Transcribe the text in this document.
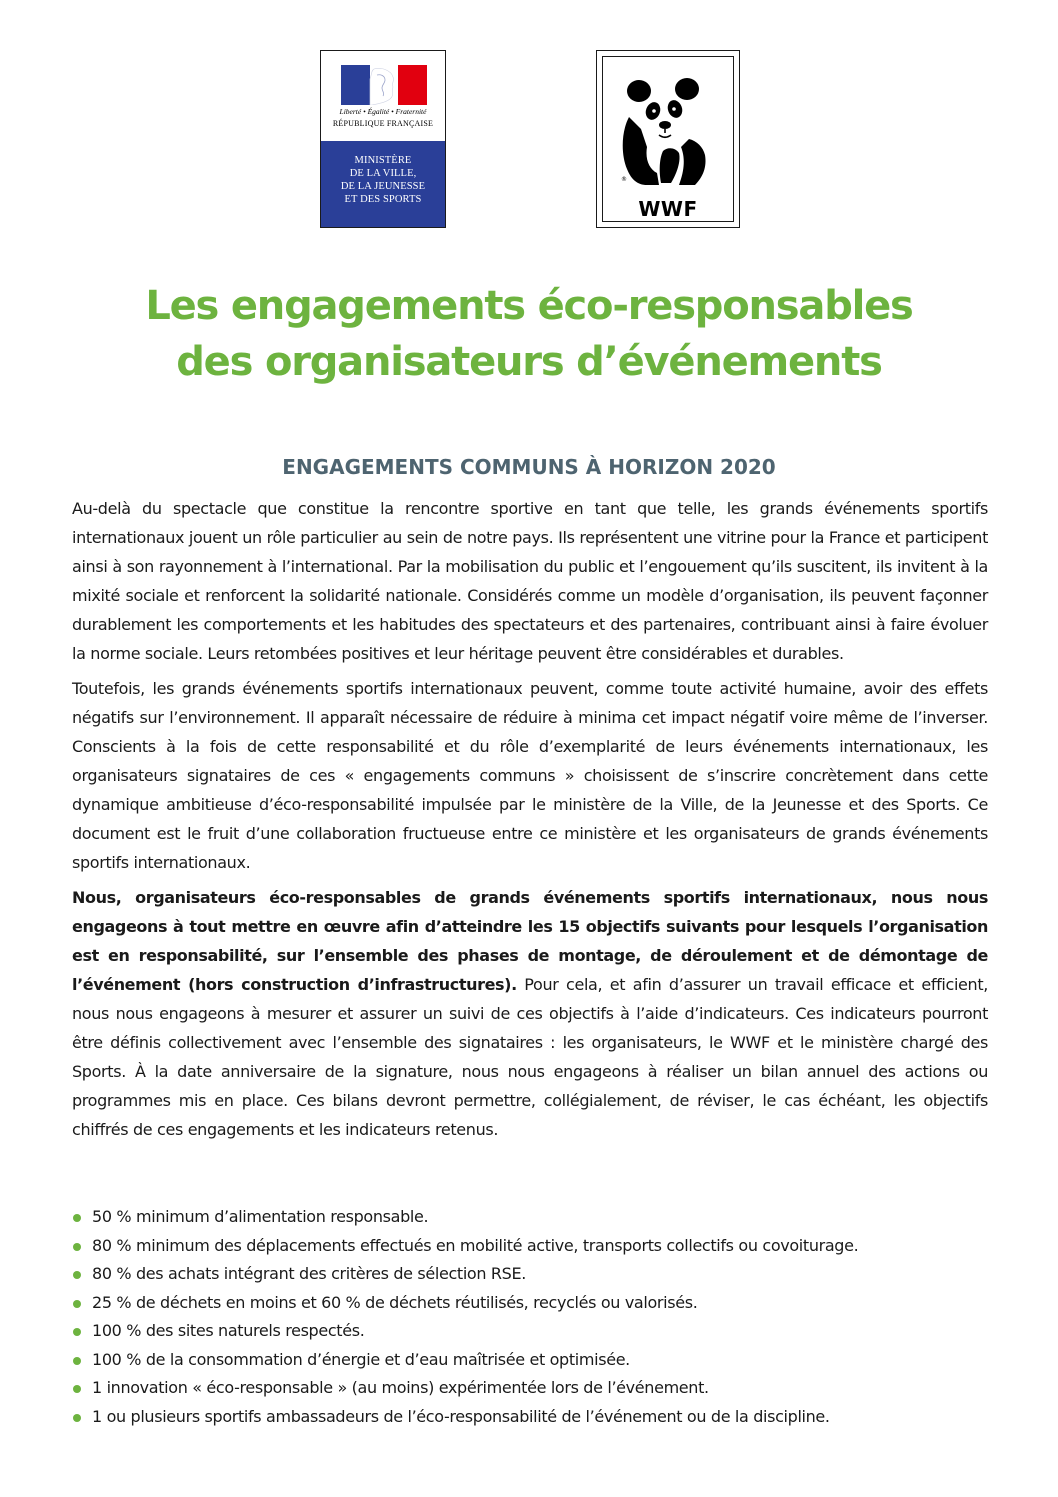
Liberté • Égalité • Fraternité
RÉPUBLIQUE FRANÇAISE
MINISTÈRE
DE LA VILLE,
DE LA JEUNESSE
ET DES SPORTS
®
WWF
Les engagements éco-responsables
des organisateurs d’événements
ENGAGEMENTS COMMUNS À HORIZON 2020

Au-delà du spectacle que constitue la rencontre sportive en tant que telle, les grands événements sportifs internationaux jouent un rôle particulier au sein de notre pays. Ils représentent une vitrine pour la France et participent ainsi à son rayonnement à l’international. Par la mobilisation du public et l’engouement qu’ils suscitent, ils invitent à la mixité sociale et renforcent la solidarité nationale. Considérés comme un modèle d’organisation, ils peuvent façonner durablement les comportements et les habitudes des spectateurs et des partenaires, contribuant ainsi à faire évoluer la norme sociale. Leurs retombées positives et leur héritage peuvent être considérables et durables.

Toutefois, les grands événements sportifs internationaux peuvent, comme toute activité humaine, avoir des effets négatifs sur l’environnement. Il apparaît nécessaire de réduire à minima cet impact négatif voire même de l’inverser. Conscients à la fois de cette responsabilité et du rôle d’exemplarité de leurs événements internationaux, les organisateurs signataires de ces « engagements communs » choisissent de s’inscrire concrètement dans cette dynamique ambitieuse d’éco-responsabilité impulsée par le ministère de la Ville, de la Jeunesse et des Sports. Ce document est le fruit d’une collaboration fructueuse entre ce ministère et les organisateurs de grands événements sportifs internationaux.

Nous, organisateurs éco-responsables de grands événements sportifs internationaux, nous nous engageons à tout mettre en œuvre afin d’atteindre les 15 objectifs suivants pour lesquels l’organisation est en responsabilité, sur l’ensemble des phases de montage, de déroulement et de démontage de l’événement (hors construction d’infrastructures). Pour cela, et afin d’assurer un travail efficace et efficient, nous nous engageons à mesurer et assurer un suivi de ces objectifs à l’aide d’indicateurs. Ces indicateurs pourront être définis collectivement avec l’ensemble des signataires : les organisateurs, le WWF et le ministère chargé des Sports. À la date anniversaire de la signature, nous nous engageons à réaliser un bilan annuel des actions ou programmes mis en place. Ces bilans devront permettre, collégialement, de réviser, le cas échéant, les objectifs chiffrés de ces engagements et les indicateurs retenus.

50 % minimum d’alimentation responsable.
80 % minimum des déplacements effectués en mobilité active, transports collectifs ou covoiturage.
80 % des achats intégrant des critères de sélection RSE.
25 % de déchets en moins et 60 % de déchets réutilisés, recyclés ou valorisés.
100 % des sites naturels respectés.
100 % de la consommation d’énergie et d’eau maîtrisée et optimisée.
1 innovation « éco-responsable » (au moins) expérimentée lors de l’événement.
1 ou plusieurs sportifs ambassadeurs de l’éco-responsabilité de l’événement ou de la discipline.
